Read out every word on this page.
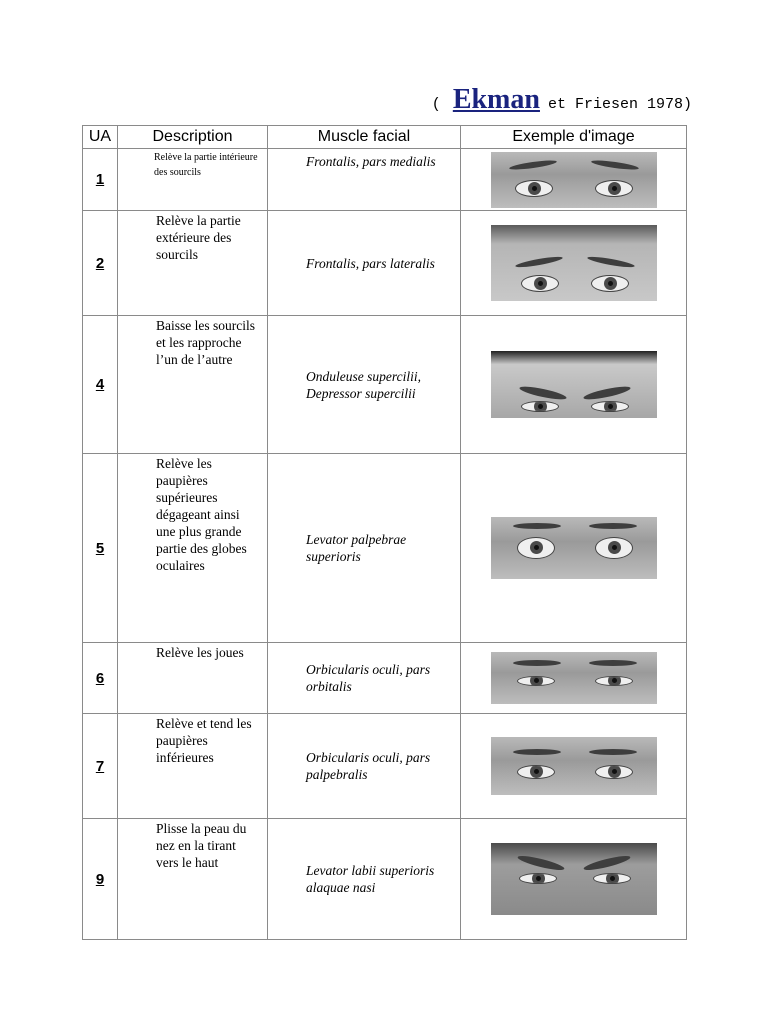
( Ekman et Friesen 1978)
UA	Description	Muscle facial	Exemple d'image
1	Relève la partie intérieure des sourcils	Frontalis, pars medialis	

2	Relève la partie extérieure des sourcils	Frontalis, pars lateralis	

4	Baisse les sourcils et les rapproche l’un de l’autre	Onduleuse supercilii, Depressor supercilii	

5	Relève les paupières supérieures dégageant ainsi une plus grande partie des globes oculaires	Levator palpebrae superioris	

6	Relève les joues	Orbicularis oculi, pars orbitalis	

7	Relève et tend les paupières inférieures	Orbicularis oculi, pars palpebralis	

9	Plisse la peau du nez en la tirant vers le haut	Levator labii superioris alaquae nasi	
